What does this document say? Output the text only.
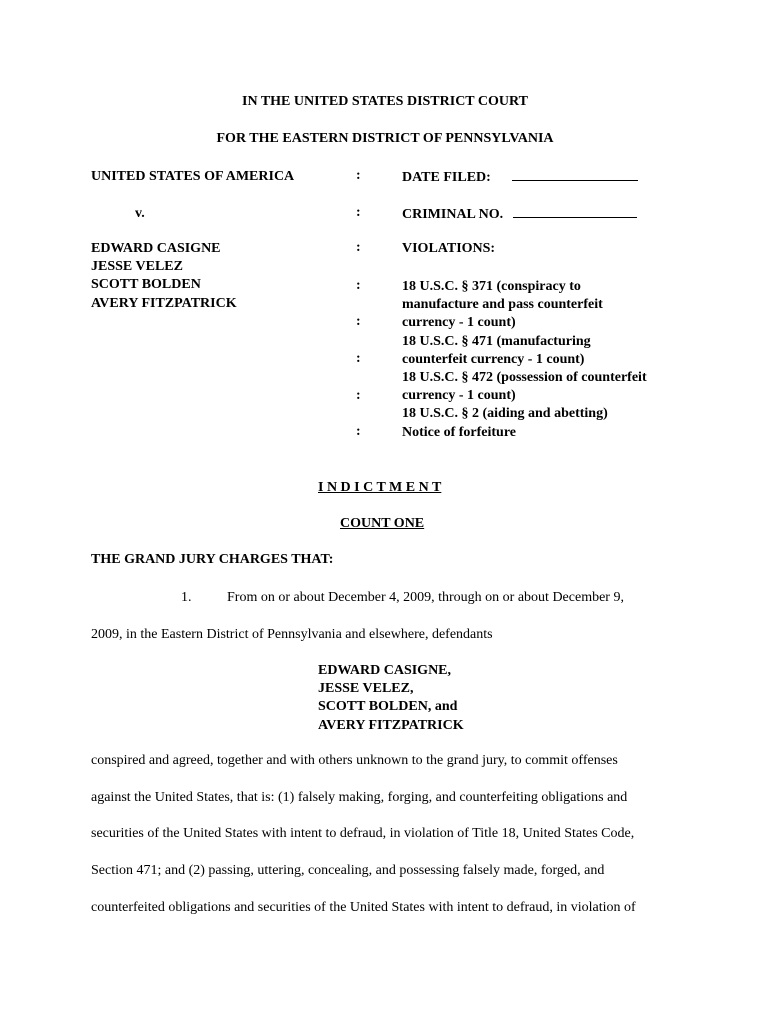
IN THE UNITED STATES DISTRICT COURT
FOR THE EASTERN DISTRICT OF PENNSYLVANIA
UNITED STATES OF AMERICA
v.
EDWARD CASIGNE
JESSE VELEZ
SCOTT BOLDEN
AVERY FITZPATRICK
:
:
:
:
:
:
:
:
DATE FILED:
CRIMINAL NO.
VIOLATIONS:
18 U.S.C. § 371 (conspiracy to
manufacture and pass counterfeit
currency - 1 count)
18 U.S.C. § 471 (manufacturing
counterfeit currency - 1 count)
18 U.S.C. § 472 (possession of counterfeit
currency - 1 count)
18 U.S.C. § 2 (aiding and abetting)
Notice of forfeiture
I N D I C T M E N T
COUNT ONE
THE GRAND JURY CHARGES THAT:
1.	From on or about December 4, 2009, through on or about December 9,
2009, in the Eastern District of Pennsylvania and elsewhere, defendants
EDWARD CASIGNE,
JESSE VELEZ,
SCOTT BOLDEN, and
AVERY FITZPATRICK
conspired and agreed, together and with others unknown to the grand jury, to commit offenses
against the United States, that is: (1) falsely making, forging, and counterfeiting obligations and
securities of the United States with intent to defraud, in violation of Title 18, United States Code,
Section 471; and (2) passing, uttering, concealing, and possessing falsely made, forged, and
counterfeited obligations and securities of the United States with intent to defraud, in violation of
